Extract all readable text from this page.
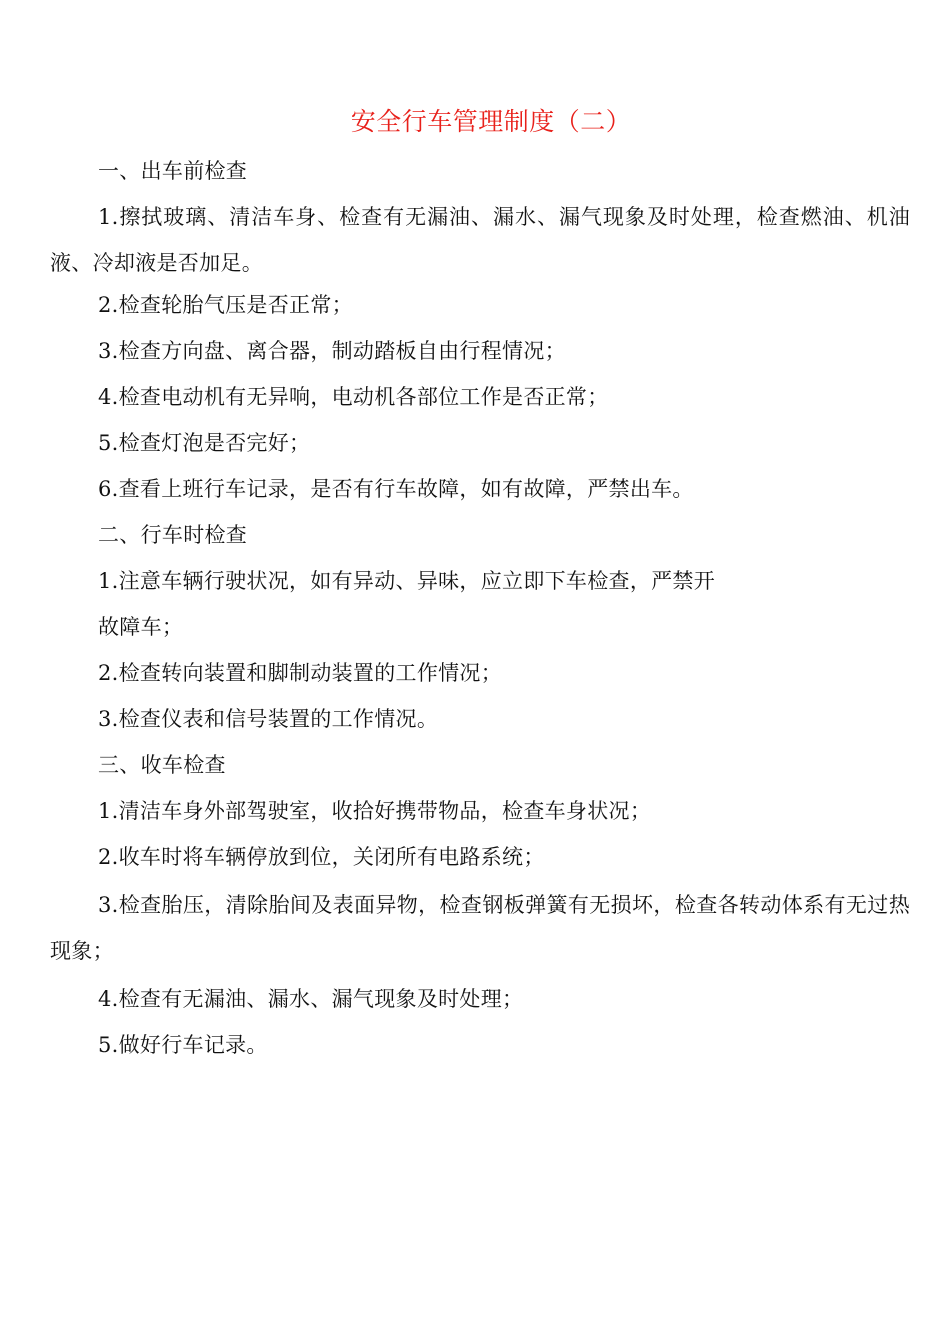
安全行车管理制度（二）
一、出车前检查
1.擦拭玻璃、清洁车身、检查有无漏油、漏水、漏气现象及时处理，检查燃油、机油液、冷却液是否加足。
2.检查轮胎气压是否正常；
3.检查方向盘、离合器，制动踏板自由行程情况；
4.检查电动机有无异响，电动机各部位工作是否正常；
5.检查灯泡是否完好；
6.查看上班行车记录，是否有行车故障，如有故障，严禁出车。
二、行车时检查
1.注意车辆行驶状况，如有异动、异味，应立即下车检查，严禁开
故障车；
2.检查转向装置和脚制动装置的工作情况；
3.检查仪表和信号装置的工作情况。
三、收车检查
1.清洁车身外部驾驶室，收拾好携带物品，检查车身状况；
2.收车时将车辆停放到位，关闭所有电路系统；
3.检查胎压，清除胎间及表面异物，检查钢板弹簧有无损坏，检查各转动体系有无过热现象；
4.检查有无漏油、漏水、漏气现象及时处理；
5.做好行车记录。
